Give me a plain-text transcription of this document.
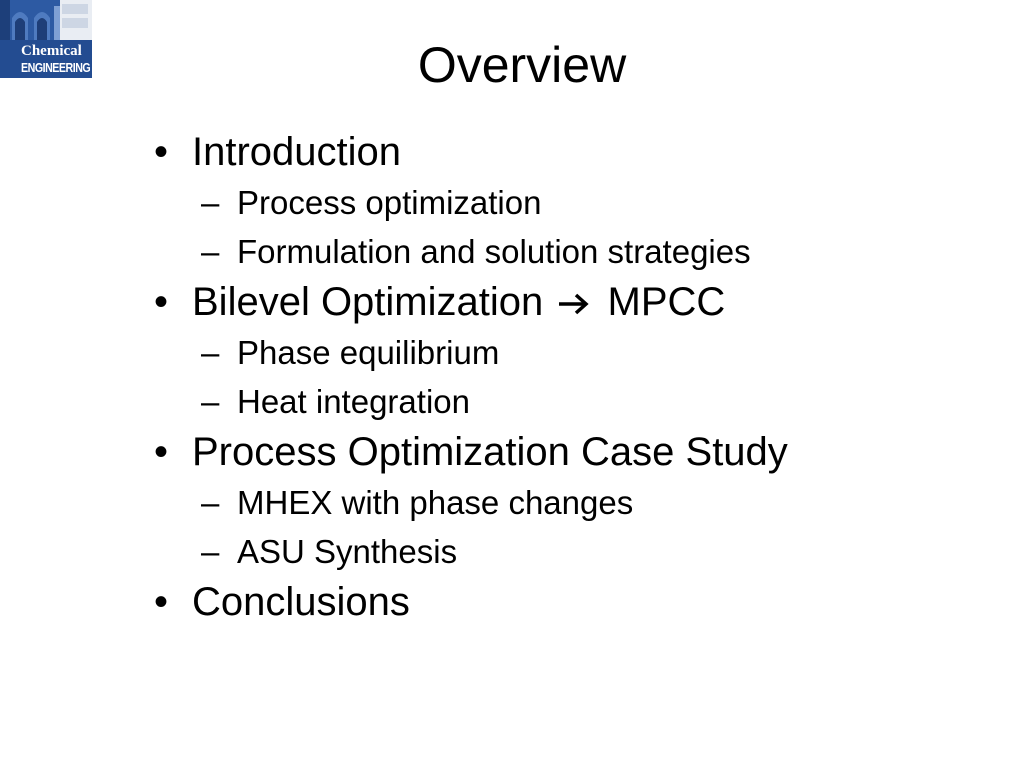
Chemical
ENGINEERING	Overview
• Introduction
– Process optimization
– Formulation and solution strategies
• Bilevel Optimization MPCC
– Phase equilibrium
– Heat integration
• Process Optimization Case Study
– MHEX with phase changes
– ASU Synthesis
• Conclusions
